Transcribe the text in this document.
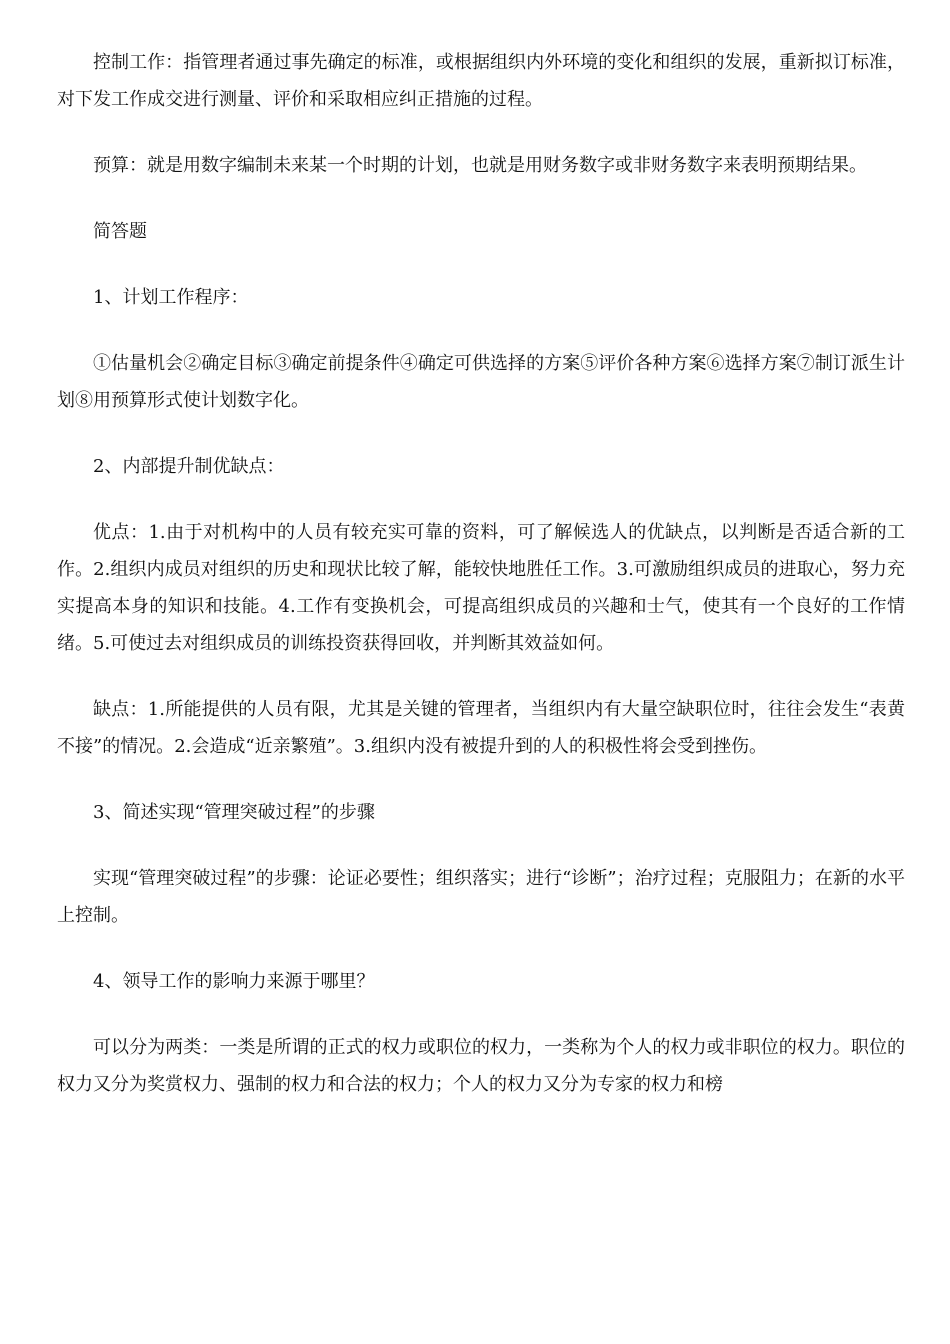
控制工作：指管理者通过事先确定的标准，或根据组织内外环境的变化和组织的发展，重新拟订标准，对下发工作成交进行测量、评价和采取相应纠正措施的过程。

预算：就是用数字编制未来某一个时期的计划，也就是用财务数字或非财务数字来表明预期结果。

简答题

1、计划工作程序：

①估量机会②确定目标③确定前提条件④确定可供选择的方案⑤评价各种方案⑥选择方案⑦制订派生计划⑧用预算形式使计划数字化。

2、内部提升制优缺点：

优点：1.由于对机构中的人员有较充实可靠的资料，可了解候选人的优缺点，以判断是否适合新的工作。2.组织内成员对组织的历史和现状比较了解，能较快地胜任工作。3.可激励组织成员的进取心，努力充实提高本身的知识和技能。4.工作有变换机会，可提高组织成员的兴趣和士气，使其有一个良好的工作情绪。5.可使过去对组织成员的训练投资获得回收，并判断其效益如何。

缺点：1.所能提供的人员有限，尤其是关键的管理者，当组织内有大量空缺职位时，往往会发生“表黄不接”的情况。2.会造成“近亲繁殖”。3.组织内没有被提升到的人的积极性将会受到挫伤。

3、简述实现“管理突破过程”的步骤

实现“管理突破过程”的步骤：论证必要性；组织落实；进行“诊断”；治疗过程；克服阻力；在新的水平上控制。

4、领导工作的影响力来源于哪里？

可以分为两类：一类是所谓的正式的权力或职位的权力，一类称为个人的权力或非职位的权力。职位的权力又分为奖赏权力、强制的权力和合法的权力；个人的权力又分为专家的权力和榜
